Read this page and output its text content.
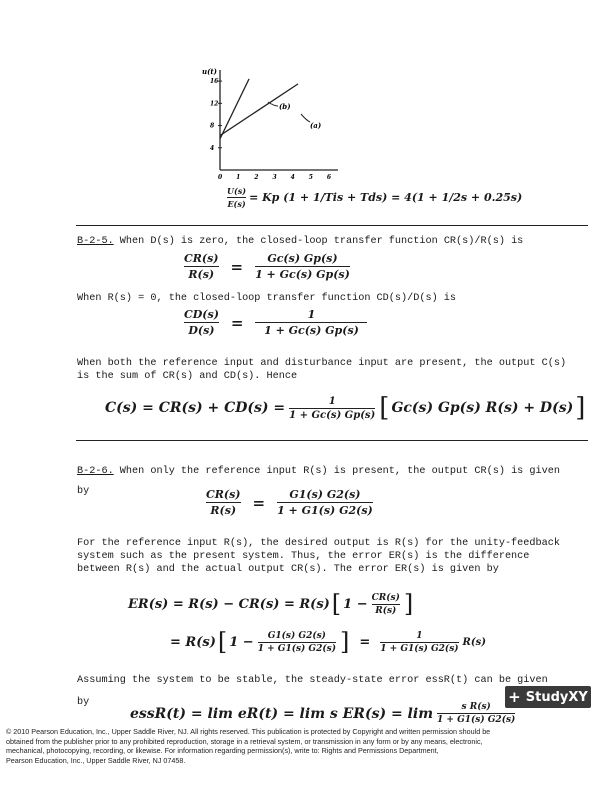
0 1 2 3 4 5 6
4
8
12
16
u(t)
(b)
(a)
$\frac{U(s)}{E(s)} = Kp$ (1 + 1/Tis + Tds) = 4(1 + 1/2s + 0.25s)
B-2-5. When D(s) is zero, the closed-loop transfer function CR(s)/R(s) is
$\frac{CR(s)}{R(s)} = \frac{Gc(s) Gp(s)}{1 + Gc(s) Gp(s)}$
When R(s) = 0, the closed-loop transfer function CD(s)/D(s) is
$\frac{CD(s)}{D(s)} = \frac{1}{1 + Gc(s) Gp(s)}$
When both the reference input and disturbance input are present, the output C(s)
is the sum of CR(s) and CD(s). Hence
$C(s) = CR(s) + CD(s) = \frac{1}{1 + Gc(s) Gp(s)}$ [ Gc(s) Gp(s) R(s) + D(s) ]
B-2-6. When only the reference input R(s) is present, the output CR(s) is given
by	$\frac{CR(s)}{R(s)} = \frac{G1(s) G2(s)}{1 + G1(s) G2(s)}$
For the reference input R(s), the desired output is R(s) for the unity-feedback
system such as the present system. Thus, the error ER(s) is the difference
between R(s) and the actual output CR(s). The error ER(s) is given by
ER(s) = R(s) − CR(s) = R(s) [ $1 - \frac{CR(s)}{R(s)}$ ]
= R(s) [ $1 - \frac{G1(s) G2(s)}{1 + G1(s) G2(s)}$ ] = $\frac{1}{1 + G1(s) G2(s)} R(s)$
Assuming the system to be stable, the steady-state error essR(t) can be given
by
essR(t) = lim eR(t) = lim s $ER(s) = \lim \frac{\text{s R(s)}}{1 + G1(s) G2(s)}$
+ StudyXY
© 2010 Pearson Education, Inc., Upper Saddle River, NJ. All rights reserved. This publication is protected by Copyright and written permission should be
obtained from the publisher prior to any prohibited reproduction, storage in a retrieval system, or transmission in any form or by any means, electronic,
mechanical, photocopying, recording, or likewise. For information regarding permission(s), write to: Rights and Permissions Department,
Pearson Education, Inc., Upper Saddle River, NJ 07458.
